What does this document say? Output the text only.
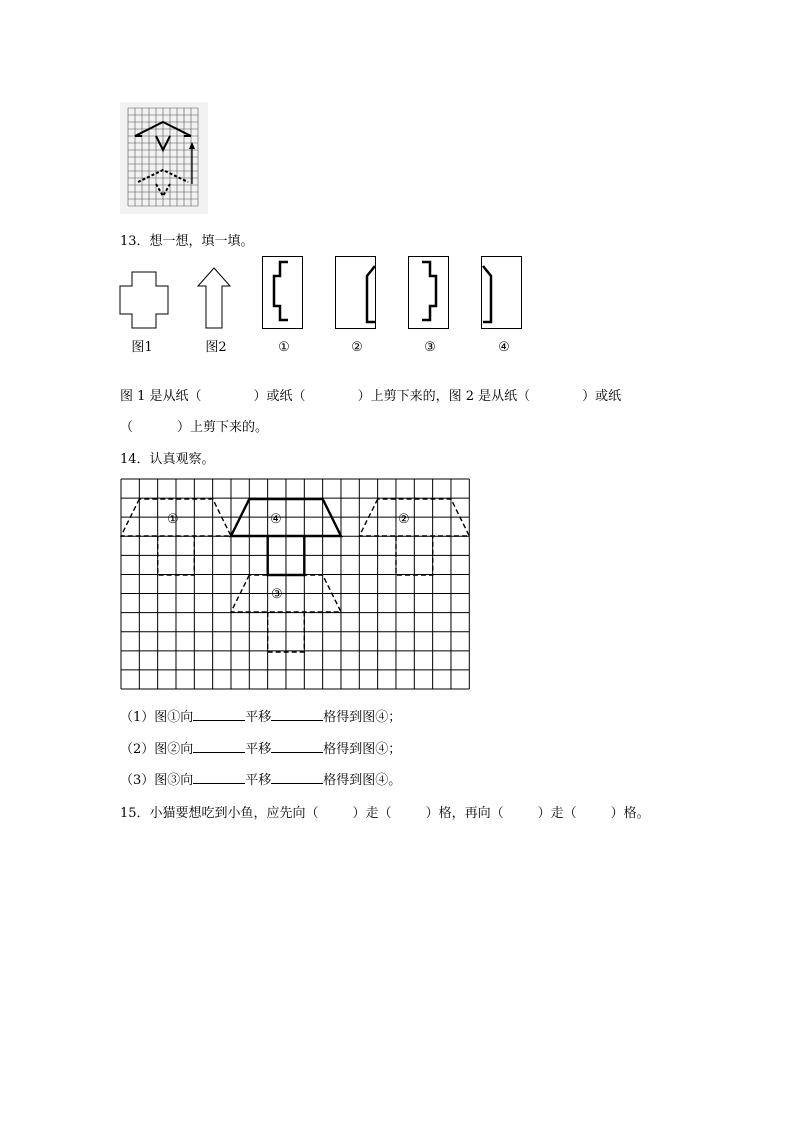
13．想一想，填一填。
图1	图2	①	②	③	④
图 1 是从纸（	）或纸（	）上剪下来的，图 2 是从纸（	）或纸
（	）上剪下来的。
14．认真观察。
①	④	②
③
（1）图①向	平移	格得到图④；
（2）图②向	平移	格得到图④；
（3）图③向	平移	格得到图④。
15．小猫要想吃到小鱼，应先向（	）走（	）格，再向（	）走（	）格。
